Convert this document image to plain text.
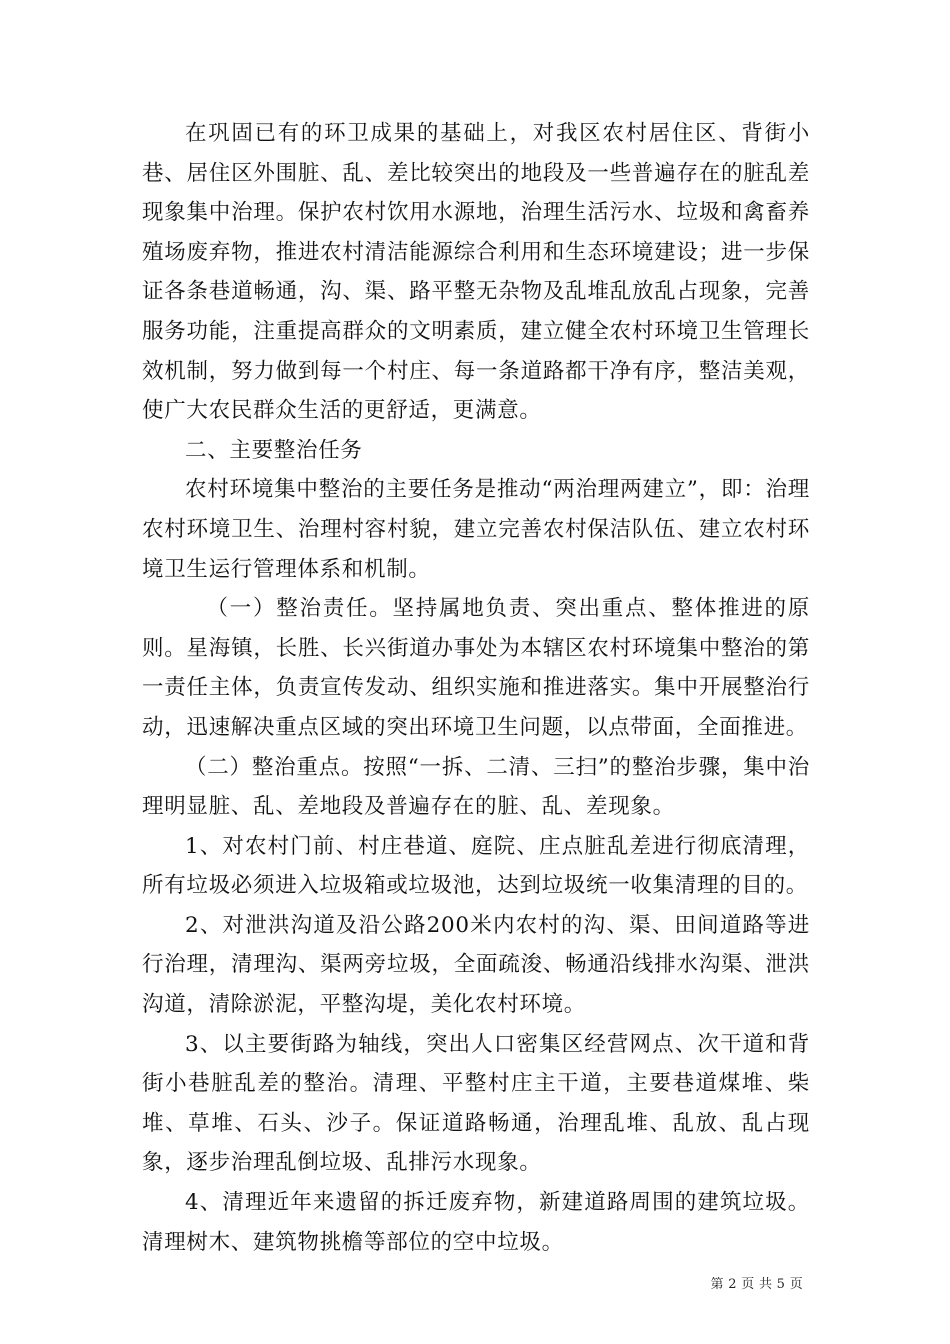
在巩固已有的环卫成果的基础上，对我区农村居住区、背街小巷、居住区外围脏、乱、差比较突出的地段及一些普遍存在的脏乱差现象集中治理。保护农村饮用水源地，治理生活污水、垃圾和禽畜养殖场废弃物，推进农村清洁能源综合利用和生态环境建设；进一步保证各条巷道畅通，沟、渠、路平整无杂物及乱堆乱放乱占现象，完善服务功能，注重提高群众的文明素质，建立健全农村环境卫生管理长效机制，努力做到每一个村庄、每一条道路都干净有序，整洁美观，使广大农民群众生活的更舒适，更满意。

二、主要整治任务

农村环境集中整治的主要任务是推动“两治理两建立”，即：治理农村环境卫生、治理村容村貌，建立完善农村保洁队伍、建立农村环境卫生运行管理体系和机制。

（一）整治责任。坚持属地负责、突出重点、整体推进的原则。星海镇，长胜、长兴街道办事处为本辖区农村环境集中整治的第一责任主体，负责宣传发动、组织实施和推进落实。集中开展整治行动，迅速解决重点区域的突出环境卫生问题，以点带面，全面推进。

（二）整治重点。按照“一拆、二清、三扫”的整治步骤，集中治理明显脏、乱、差地段及普遍存在的脏、乱、差现象。

1、对农村门前、村庄巷道、庭院、庄点脏乱差进行彻底清理，所有垃圾必须进入垃圾箱或垃圾池，达到垃圾统一收集清理的目的。

2、对泄洪沟道及沿公路200米内农村的沟、渠、田间道路等进行治理，清理沟、渠两旁垃圾，全面疏浚、畅通沿线排水沟渠、泄洪沟道，清除淤泥，平整沟堤，美化农村环境。

3、以主要街路为轴线，突出人口密集区经营网点、次干道和背街小巷脏乱差的整治。清理、平整村庄主干道，主要巷道煤堆、柴堆、草堆、石头、沙子。保证道路畅通，治理乱堆、乱放、乱占现象，逐步治理乱倒垃圾、乱排污水现象。

4、清理近年来遗留的拆迁废弃物，新建道路周围的建筑垃圾。清理树木、建筑物挑檐等部位的空中垃圾。

第 2 页 共 5 页
